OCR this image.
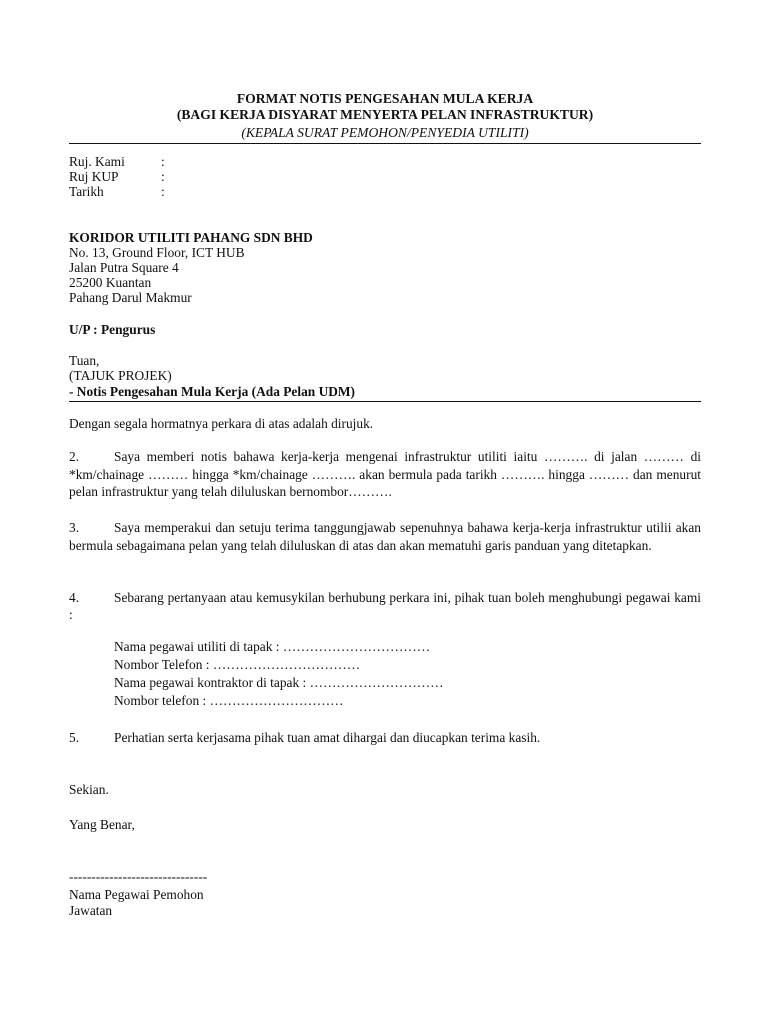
FORMAT NOTIS PENGESAHAN MULA KERJA
(BAGI KERJA DISYARAT MENYERTA PELAN INFRASTRUKTUR)
(KEPALA SURAT PEMOHON/PENYEDIA UTILITI)
Ruj. Kami	:
Ruj KUP	:
Tarikh	:
KORIDOR UTILITI PAHANG SDN BHD
No. 13, Ground Floor, ICT HUB
Jalan Putra Square 4
25200 Kuantan
Pahang Darul Makmur
U/P : Pengurus
Tuan,
(TAJUK PROJEK)
- Notis Pengesahan Mula Kerja (Ada Pelan UDM)
Dengan segala hormatnya perkara di atas adalah dirujuk.
2.	Saya memberi notis bahawa kerja-kerja mengenai infrastruktur utiliti iaitu ………. di jalan ……… di *km/chainage ……… hingga *km/chainage ………. akan bermula pada tarikh ………. hingga ……… dan menurut pelan infrastruktur yang telah diluluskan bernombor……….
3.	Saya memperakui dan setuju terima tanggungjawab sepenuhnya bahawa kerja-kerja infrastruktur utilii akan bermula sebagaimana pelan yang telah diluluskan di atas dan akan mematuhi garis panduan yang ditetapkan.
4.	Sebarang pertanyaan atau kemusykilan berhubung perkara ini, pihak tuan boleh menghubungi pegawai kami :
Nama pegawai utiliti di tapak : ……………………………
Nombor Telefon : ……………………………
Nama pegawai kontraktor di tapak : …………………………
Nombor telefon : …………………………
5.	Perhatian serta kerjasama pihak tuan amat dihargai dan diucapkan terima kasih.
Sekian.
Yang Benar,
-------------------------------
Nama Pegawai Pemohon
Jawatan
